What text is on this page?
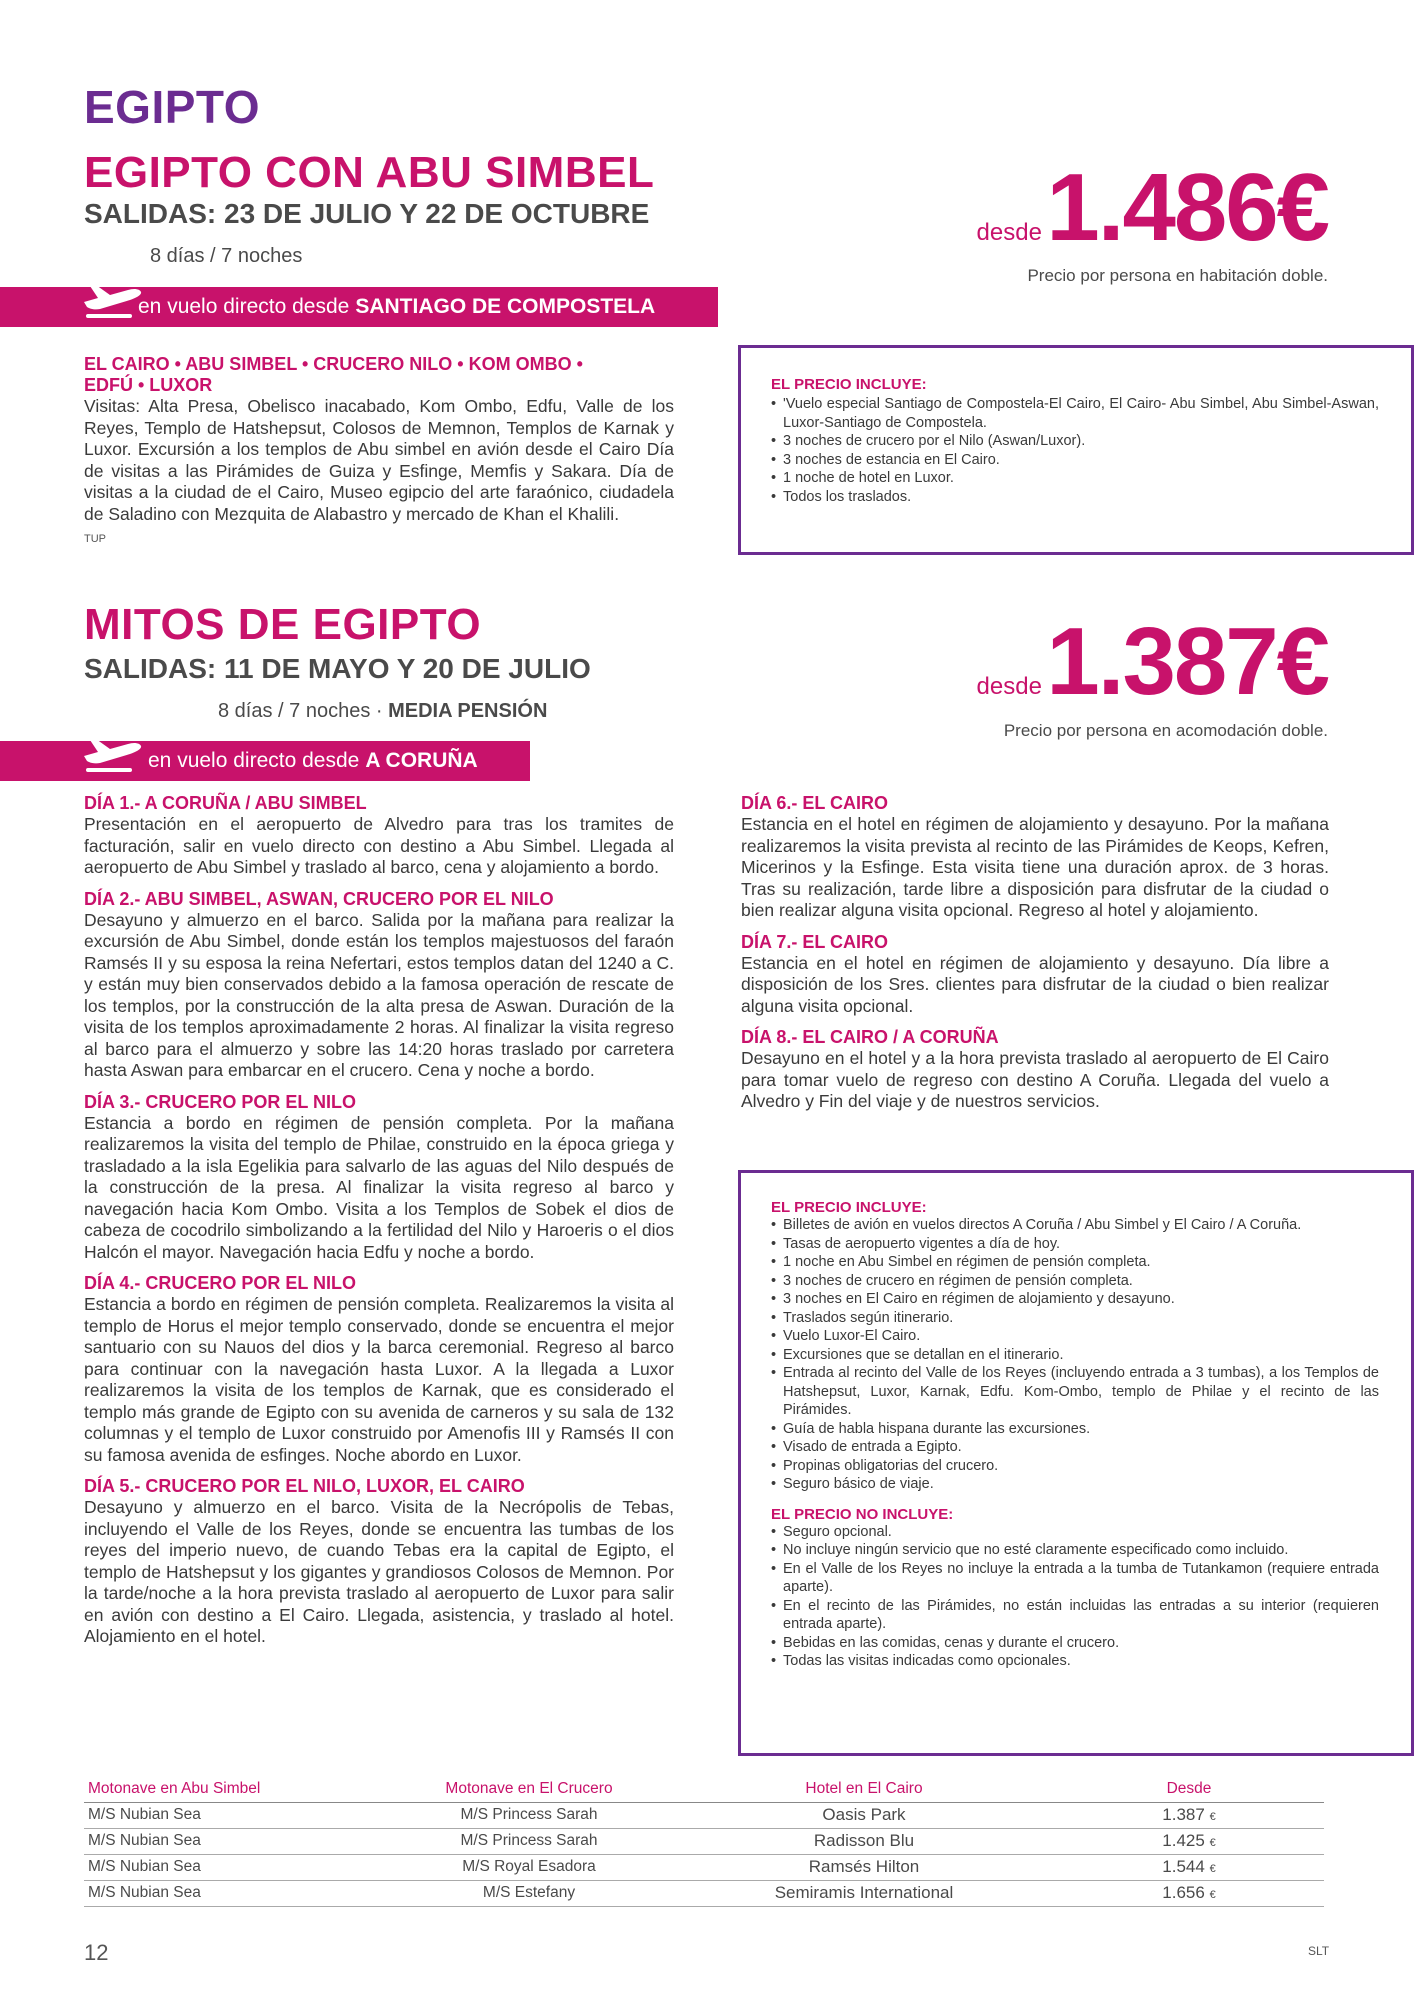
EGIPTO
EGIPTO CON ABU SIMBEL
SALIDAS: 23 DE JULIO Y 22 DE OCTUBRE
8 días / 7 noches
en vuelo directo desde SANTIAGO DE COMPOSTELA
desde 1.486€
Precio por persona en habitación doble.
EL CAIRO • ABU SIMBEL • CRUCERO NILO • KOM OMBO •
EDFÚ • LUXOR
Visitas: Alta Presa, Obelisco inacabado, Kom Ombo, Edfu, Valle de los Reyes, Templo de Hatshepsut, Colosos de Memnon, Templos de Karnak y Luxor. Excursión a los templos de Abu simbel en avión desde el Cairo Día de visitas a las Pirámides de Guiza y Esfinge, Memfis y Sakara. Día de visitas a la ciudad de el Cairo, Museo egipcio del arte faraónico, ciudadela de Saladino con Mezquita de Alabastro y mercado de Khan el Khalili.
TUP
EL PRECIO INCLUYE:
• 'Vuelo especial Santiago de Compostela-El Cairo, El Cairo- Abu Simbel, Abu Simbel-Aswan, Luxor-Santiago de Compostela.
• 3 noches de crucero por el Nilo (Aswan/Luxor).
• 3 noches de estancia en El Cairo.
• 1 noche de hotel en Luxor.
• Todos los traslados.
MITOS DE EGIPTO
SALIDAS: 11 DE MAYO Y 20 DE JULIO
8 días / 7 noches · MEDIA PENSIÓN
en vuelo directo desde A CORUÑA
desde 1.387€
Precio por persona en acomodación doble.
DÍA 1.- A CORUÑA / ABU SIMBEL
Presentación en el aeropuerto de Alvedro para tras los tramites de facturación, salir en vuelo directo con destino a Abu Simbel. Llegada al aeropuerto de Abu Simbel y traslado al barco, cena y alojamiento a bordo.
DÍA 2.- ABU SIMBEL, ASWAN, CRUCERO POR EL NILO
Desayuno y almuerzo en el barco. Salida por la mañana para realizar la excursión de Abu Simbel, donde están los templos majestuosos del faraón Ramsés II y su esposa la reina Nefertari, estos templos datan del 1240 a C. y están muy bien conservados debido a la famosa operación de rescate de los templos, por la construcción de la alta presa de Aswan. Duración de la visita de los templos aproximadamente 2 horas. Al finalizar la visita regreso al barco para el almuerzo y sobre las 14:20 horas traslado por carretera hasta Aswan para embarcar en el crucero. Cena y noche a bordo.
DÍA 3.- CRUCERO POR EL NILO
Estancia a bordo en régimen de pensión completa. Por la mañana realizaremos la visita del templo de Philae, construido en la época griega y trasladado a la isla Egelikia para salvarlo de las aguas del Nilo después de la construcción de la presa. Al finalizar la visita regreso al barco y navegación hacia Kom Ombo. Visita a los Templos de Sobek el dios de cabeza de cocodrilo simbolizando a la fertilidad del Nilo y Haroeris o el dios Halcón el mayor. Navegación hacia Edfu y noche a bordo.
DÍA 4.- CRUCERO POR EL NILO
Estancia a bordo en régimen de pensión completa. Realizaremos la visita al templo de Horus el mejor templo conservado, donde se encuentra el mejor santuario con su Nauos del dios y la barca ceremonial. Regreso al barco para continuar con la navegación hasta Luxor. A la llegada a Luxor realizaremos la visita de los templos de Karnak, que es considerado el templo más grande de Egipto con su avenida de carneros y su sala de 132 columnas y el templo de Luxor construido por Amenofis III y Ramsés II con su famosa avenida de esfinges. Noche abordo en Luxor.
DÍA 5.- CRUCERO POR EL NILO, LUXOR, EL CAIRO
Desayuno y almuerzo en el barco. Visita de la Necrópolis de Tebas, incluyendo el Valle de los Reyes, donde se encuentra las tumbas de los reyes del imperio nuevo, de cuando Tebas era la capital de Egipto, el templo de Hatshepsut y los gigantes y grandiosos Colosos de Memnon. Por la tarde/noche a la hora prevista traslado al aeropuerto de Luxor para salir en avión con destino a El Cairo. Llegada, asistencia, y traslado al hotel. Alojamiento en el hotel.
DÍA 6.- EL CAIRO
Estancia en el hotel en régimen de alojamiento y desayuno. Por la mañana realizaremos la visita prevista al recinto de las Pirámides de Keops, Kefren, Micerinos y la Esfinge. Esta visita tiene una duración aprox. de 3 horas. Tras su realización, tarde libre a disposición para disfrutar de la ciudad o bien realizar alguna visita opcional. Regreso al hotel y alojamiento.
DÍA 7.- EL CAIRO
Estancia en el hotel en régimen de alojamiento y desayuno. Día libre a disposición de los Sres. clientes para disfrutar de la ciudad o bien realizar alguna visita opcional.
DÍA 8.- EL CAIRO / A CORUÑA
Desayuno en el hotel y a la hora prevista traslado al aeropuerto de El Cairo para tomar vuelo de regreso con destino A Coruña. Llegada del vuelo a Alvedro y Fin del viaje y de nuestros servicios.
EL PRECIO INCLUYE:
• Billetes de avión en vuelos directos A Coruña / Abu Simbel y El Cairo / A Coruña.
• Tasas de aeropuerto vigentes a día de hoy.
• 1 noche en Abu Simbel en régimen de pensión completa.
• 3 noches de crucero en régimen de pensión completa.
• 3 noches en El Cairo en régimen de alojamiento y desayuno.
• Traslados según itinerario.
• Vuelo Luxor-El Cairo.
• Excursiones que se detallan en el itinerario.
• Entrada al recinto del Valle de los Reyes (incluyendo entrada a 3 tumbas), a los Templos de Hatshepsut, Luxor, Karnak, Edfu. Kom-Ombo, templo de Philae y el recinto de las Pirámides.
• Guía de habla hispana durante las excursiones.
• Visado de entrada a Egipto.
• Propinas obligatorias del crucero.
• Seguro básico de viaje.
EL PRECIO NO INCLUYE:
• Seguro opcional.
• No incluye ningún servicio que no esté claramente especificado como incluido.
• En el Valle de los Reyes no incluye la entrada a la tumba de Tutankamon (requiere entrada aparte).
• En el recinto de las Pirámides, no están incluidas las entradas a su interior (requieren entrada aparte).
• Bebidas en las comidas, cenas y durante el crucero.
• Todas las visitas indicadas como opcionales.
Motonave en Abu Simbel	Motonave en El Crucero	Hotel en El Cairo	Desde
M/S Nubian Sea	M/S Princess Sarah	Oasis Park	1.387 €
M/S Nubian Sea	M/S Princess Sarah	Radisson Blu	1.425 €
M/S Nubian Sea	M/S Royal Esadora	Ramsés Hilton	1.544 €
M/S Nubian Sea	M/S Estefany	Semiramis International	1.656 €
12	SLT
